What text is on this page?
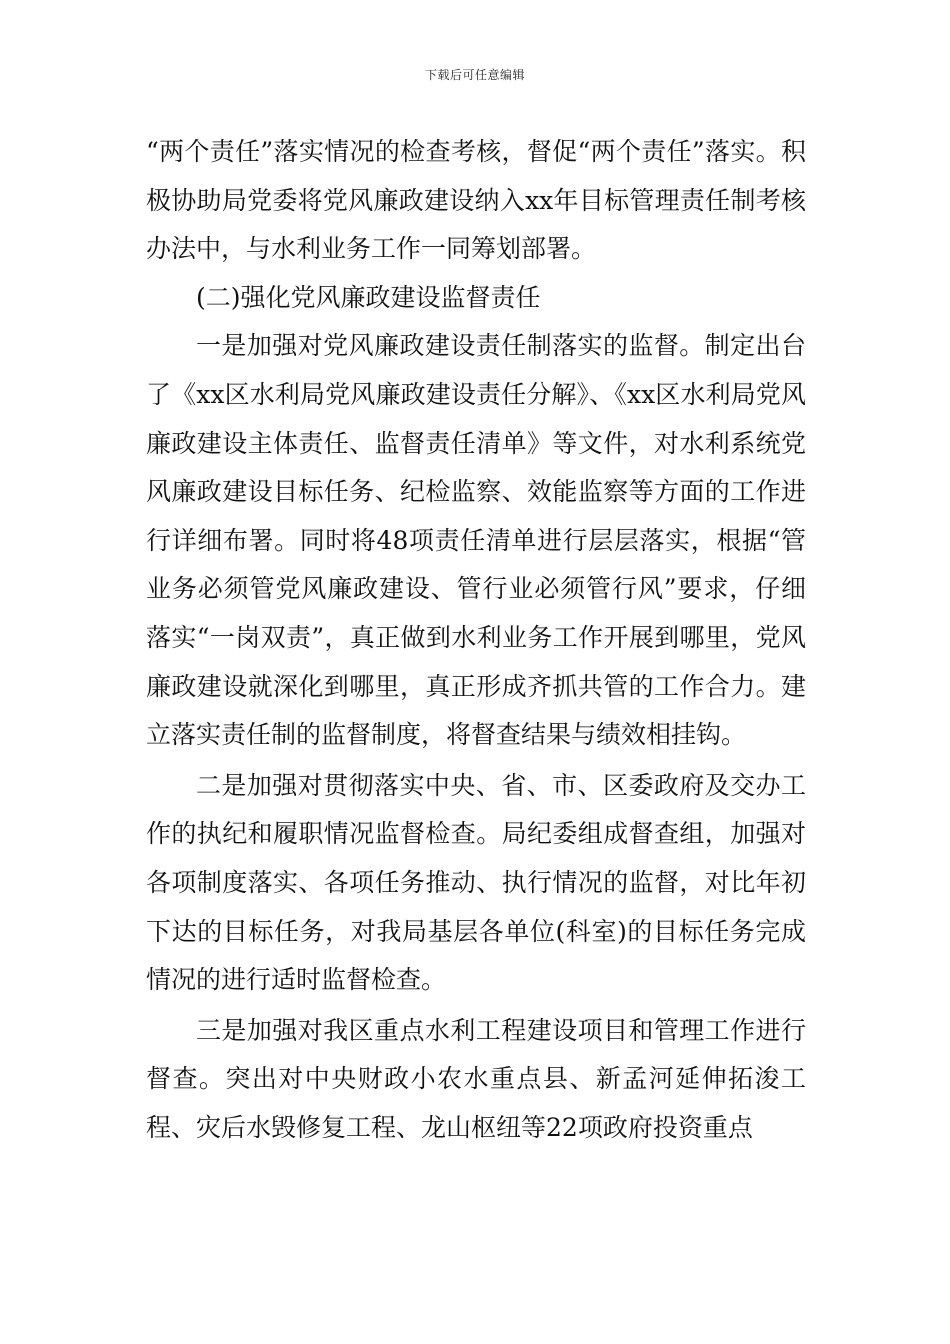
下载后可任意编辑

“两个责任”落实情况的检查考核，督促“两个责任”落实。积极协助局党委将党风廉政建设纳入xx年目标管理责任制考核办法中，与水利业务工作一同筹划部署。

(二)强化党风廉政建设监督责任

一是加强对党风廉政建设责任制落实的监督。制定出台了《xx区水利局党风廉政建设责任分解》、《xx区水利局党风廉政建设主体责任、监督责任清单》等文件，对水利系统党风廉政建设目标任务、纪检监察、效能监察等方面的工作进行详细布署。同时将48项责任清单进行层层落实，根据“管业务必须管党风廉政建设、管行业必须管行风”要求，仔细落实“一岗双责”，真正做到水利业务工作开展到哪里，党风廉政建设就深化到哪里，真正形成齐抓共管的工作合力。建立落实责任制的监督制度，将督查结果与绩效相挂钩。

二是加强对贯彻落实中央、省、市、区委政府及交办工作的执纪和履职情况监督检查。局纪委组成督查组，加强对各项制度落实、各项任务推动、执行情况的监督，对比年初下达的目标任务，对我局基层各单位(科室)的目标任务完成情况的进行适时监督检查。

三是加强对我区重点水利工程建设项目和管理工作进行督查。突出对中央财政小农水重点县、新孟河延伸拓浚工程、灾后水毁修复工程、龙山枢纽等22项政府投资重点
